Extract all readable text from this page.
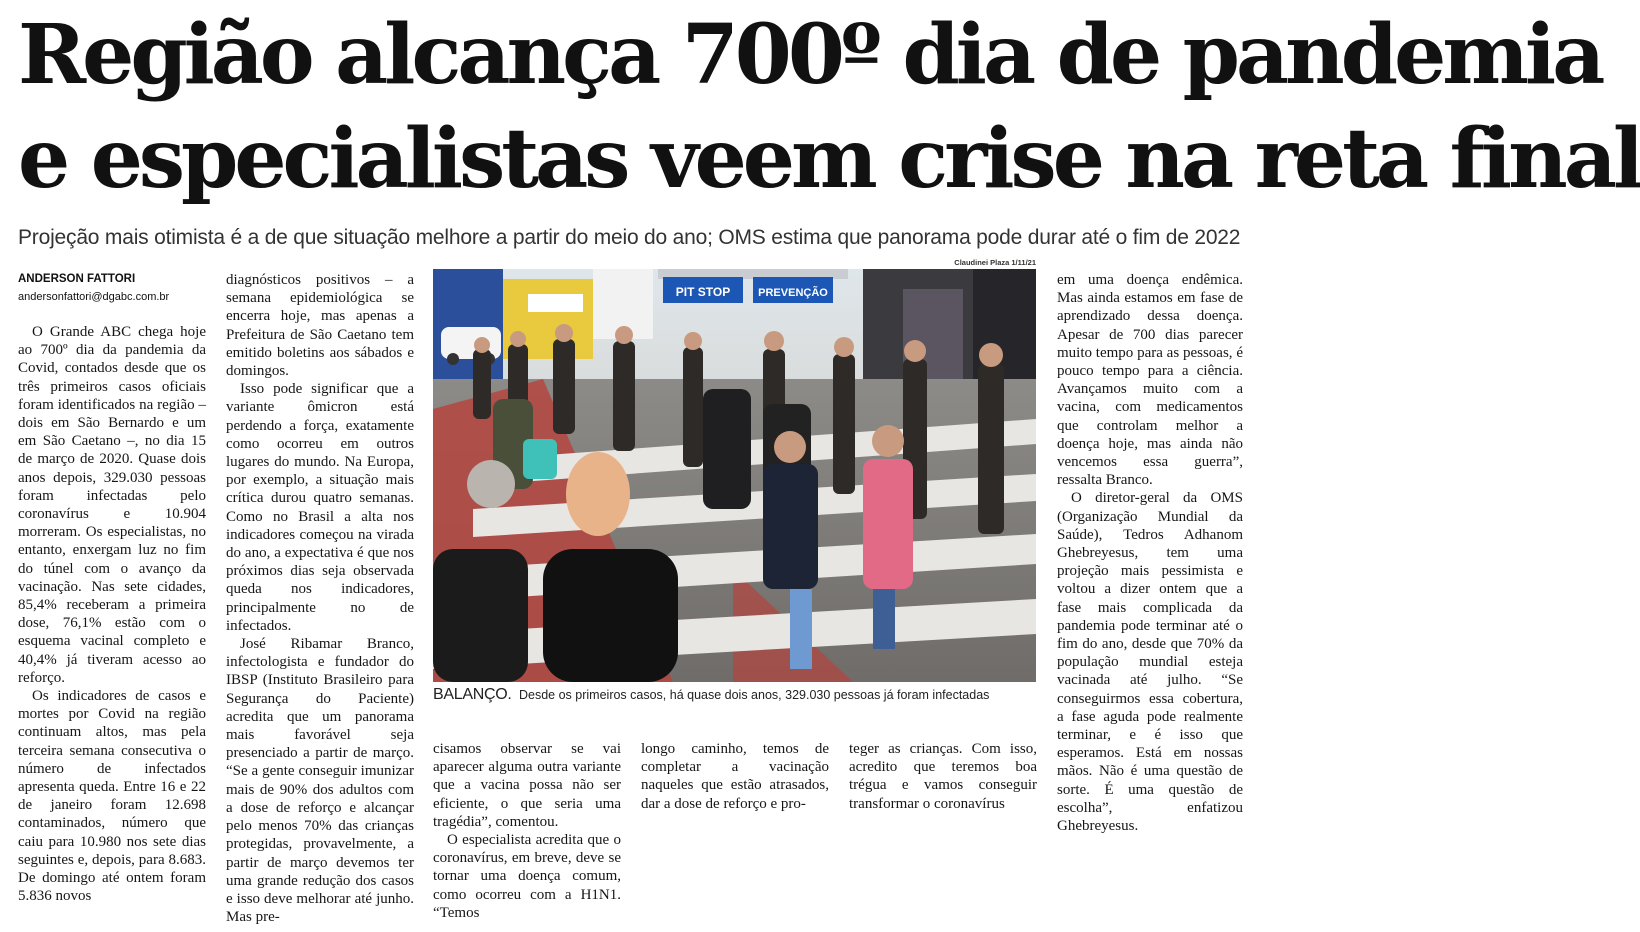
Região alcança 700º dia de pandemia
e especialistas veem crise na reta final
Projeção mais otimista é a de que situação melhore a partir do meio do ano; OMS estima que panorama pode durar até o fim de 2022
ANDERSON FATTORI
andersonfattori@dgabc.com.br

O Grande ABC chega hoje ao 700º dia da pandemia da Covid, contados desde que os três primeiros casos oficiais foram identificados na região – dois em São Bernardo e um em São Caetano –, no dia 15 de março de 2020. Quase dois anos depois, 329.030 pessoas foram infectadas pelo coronavírus e 10.904 morreram. Os especialistas, no entanto, enxergam luz no fim do túnel com o avanço da vacinação. Nas sete cidades, 85,4% receberam a primeira dose, 76,1% estão com o esquema vacinal completo e 40,4% já tiveram acesso ao reforço.

Os indicadores de casos e mortes por Covid na região continuam altos, mas pela terceira semana consecutiva o número de infectados apresenta queda. Entre 16 e 22 de janeiro foram 12.698 contaminados, número que caiu para 10.980 nos sete dias seguintes e, depois, para 8.683. De domingo até ontem foram 5.836 novos

diagnósticos positivos – a semana epidemiológica se encerra hoje, mas apenas a Prefeitura de São Caetano tem emitido boletins aos sábados e domingos.

Isso pode significar que a variante ômicron está perdendo a força, exatamente como ocorreu em outros lugares do mundo. Na Europa, por exemplo, a situação mais crítica durou quatro semanas. Como no Brasil a alta nos indicadores começou na virada do ano, a expectativa é que nos próximos dias seja observada queda nos indicadores, principalmente no de infectados.

José Ribamar Branco, infectologista e fundador do IBSP (Instituto Brasileiro para Segurança do Paciente) acredita que um panorama mais favorável seja presenciado a partir de março. “Se a gente conseguir imunizar mais de 90% dos adultos com a dose de reforço e alcançar pelo menos 70% das crianças protegidas, provavelmente, a partir de março devemos ter uma grande redução dos casos e isso deve melhorar até junho. Mas pre-

Claudinei Plaza 1/11/21
PIT STOP	PREVENÇÃO
BALANÇO. Desde os primeiros casos, há quase dois anos, 329.030 pessoas já foram infectadas

cisamos observar se vai aparecer alguma outra variante que a vacina possa não ser eficiente, o que seria uma tragédia”, comentou.

O especialista acredita que o coronavírus, em breve, deve se tornar uma doença comum, como ocorreu com a H1N1. “Temos

longo caminho, temos de completar a vacinação naqueles que estão atrasados, dar a dose de reforço e pro-

teger as crianças. Com isso, acredito que teremos boa trégua e vamos conseguir transformar o coronavírus

em uma doença endêmica. Mas ainda estamos em fase de aprendizado dessa doença. Apesar de 700 dias parecer muito tempo para as pessoas, é pouco tempo para a ciência. Avançamos muito com a vacina, com medicamentos que controlam melhor a doença hoje, mas ainda não vencemos essa guerra”, ressalta Branco.

O diretor-geral da OMS (Organização Mundial da Saúde), Tedros Adhanom Ghebreyesus, tem uma projeção mais pessimista e voltou a dizer ontem que a fase mais complicada da pandemia pode terminar até o fim do ano, desde que 70% da população mundial esteja vacinada até julho. “Se conseguirmos essa cobertura, a fase aguda pode realmente terminar, e é isso que esperamos. Está em nossas mãos. Não é uma questão de sorte. É uma questão de escolha”, enfatizou Ghebreyesus.
